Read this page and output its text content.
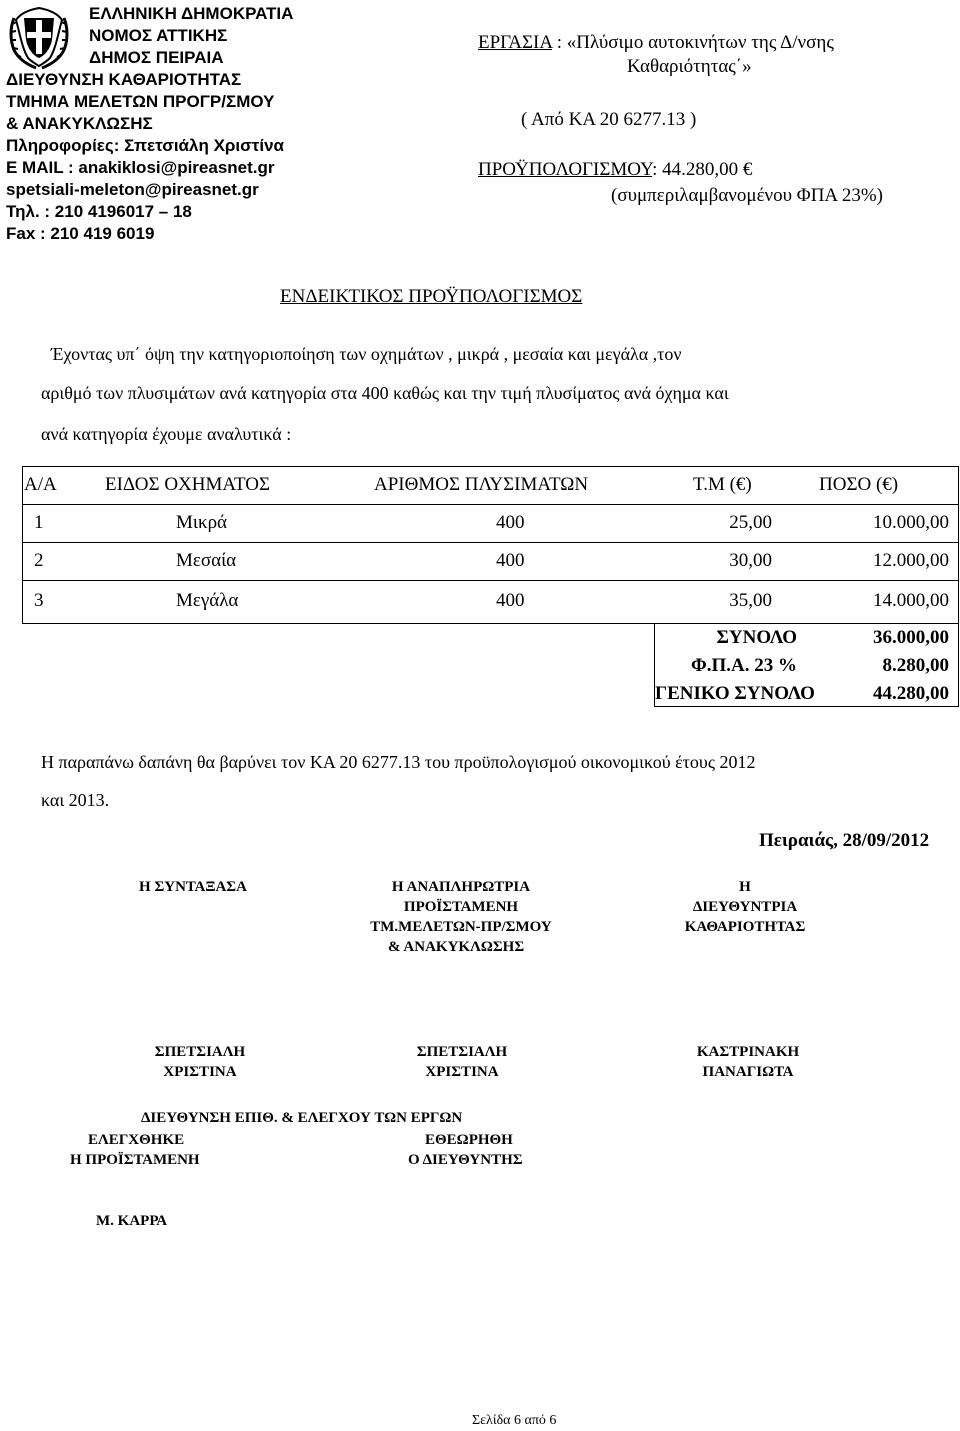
ΕΛΛΗΝΙΚΗ ΔΗΜΟΚΡΑΤΙΑ
ΝΟΜΟΣ ΑΤΤΙΚΗΣ
ΔΗΜΟΣ ΠΕΙΡΑΙΑ
ΔΙΕΥΘΥΝΣΗ ΚΑΘΑΡΙΟΤΗΤΑΣ
ΤΜΗΜΑ ΜΕΛΕΤΩΝ ΠΡΟΓΡ/ΣΜΟΥ
& ΑΝΑΚΥΚΛΩΣΗΣ
Πληροφορίες: Σπετσιάλη Χριστίνα
E MAIL : anakiklosi@pireasnet.gr
spetsiali-meleton@pireasnet.gr
Τηλ. : 210 4196017 – 18
Fax : 210 419 6019
ΕΡΓΑΣΙΑ : «Πλύσιμο αυτοκινήτων της Δ/νσης
Καθαριότητας΄»
( Από ΚΑ 20 6277.13 )
ΠΡΟΫΠΟΛΟΓΙΣΜΟΥ: 44.280,00 €
(συμπεριλαμβανομένου ΦΠΑ 23%)
ΕΝΔΕΙΚΤΙΚΟΣ ΠΡΟΫΠΟΛΟΓΙΣΜΟΣ
Έχοντας υπ΄ όψη την κατηγοριοποίηση των οχημάτων , μικρά , μεσαία και μεγάλα ,τον
αριθμό των πλυσιμάτων ανά κατηγορία στα 400 καθώς και την τιμή πλυσίματος ανά όχημα και
ανά κατηγορία έχουμε αναλυτικά :
Α/Α	ΕΙΔΟΣ ΟΧΗΜΑΤΟΣ	ΑΡΙΘΜΟΣ ΠΛΥΣΙΜΑΤΩΝ	Τ.Μ (€)	ΠΟΣΟ (€)
1	Μικρά	400	25,00	10.000,00
2	Μεσαία	400	30,00	12.000,00
3	Μεγάλα	400	35,00	14.000,00
ΣΥΝΟΛΟ	36.000,00
Φ.Π.Α. 23 %	8.280,00
ΓΕΝΙΚΟ ΣΥΝΟΛΟ	44.280,00
Η παραπάνω δαπάνη θα βαρύνει τον ΚΑ 20 6277.13 του προϋπολογισμού οικονομικού έτους 2012
και 2013.
Πειραιάς, 28/09/2012
Η ΣΥΝΤΑΞΑΣΑ	Η ΑΝΑΠΛΗΡΩΤΡΙΑ
ΠΡΟΪΣΤΑΜΕΝΗ
ΤΜ.ΜΕΛΕΤΩΝ-ΠΡ/ΣΜΟΥ
& ΑΝΑΚΥΚΛΩΣΗΣ
Η
ΔΙΕΥΘΥΝΤΡΙΑ
ΚΑΘΑΡΙΟΤΗΤΑΣ
ΣΠΕΤΣΙΑΛΗ
ΧΡΙΣΤΙΝΑ
ΣΠΕΤΣΙΑΛΗ
ΧΡΙΣΤΙΝΑ
ΚΑΣΤΡΙΝΑΚΗ
ΠΑΝΑΓΙΩΤΑ
ΔΙΕΥΘΥΝΣΗ ΕΠΙΘ. & ΕΛΕΓΧΟΥ ΤΩΝ ΕΡΓΩΝ
ΕΛΕΓΧΘΗΚΕ
Η ΠΡΟΪΣΤΑΜΕΝΗ
ΕΘΕΩΡΗΘΗ
Ο ΔΙΕΥΘΥΝΤΗΣ
Μ. ΚΑΡΡΑ
Σελίδα 6 από 6
